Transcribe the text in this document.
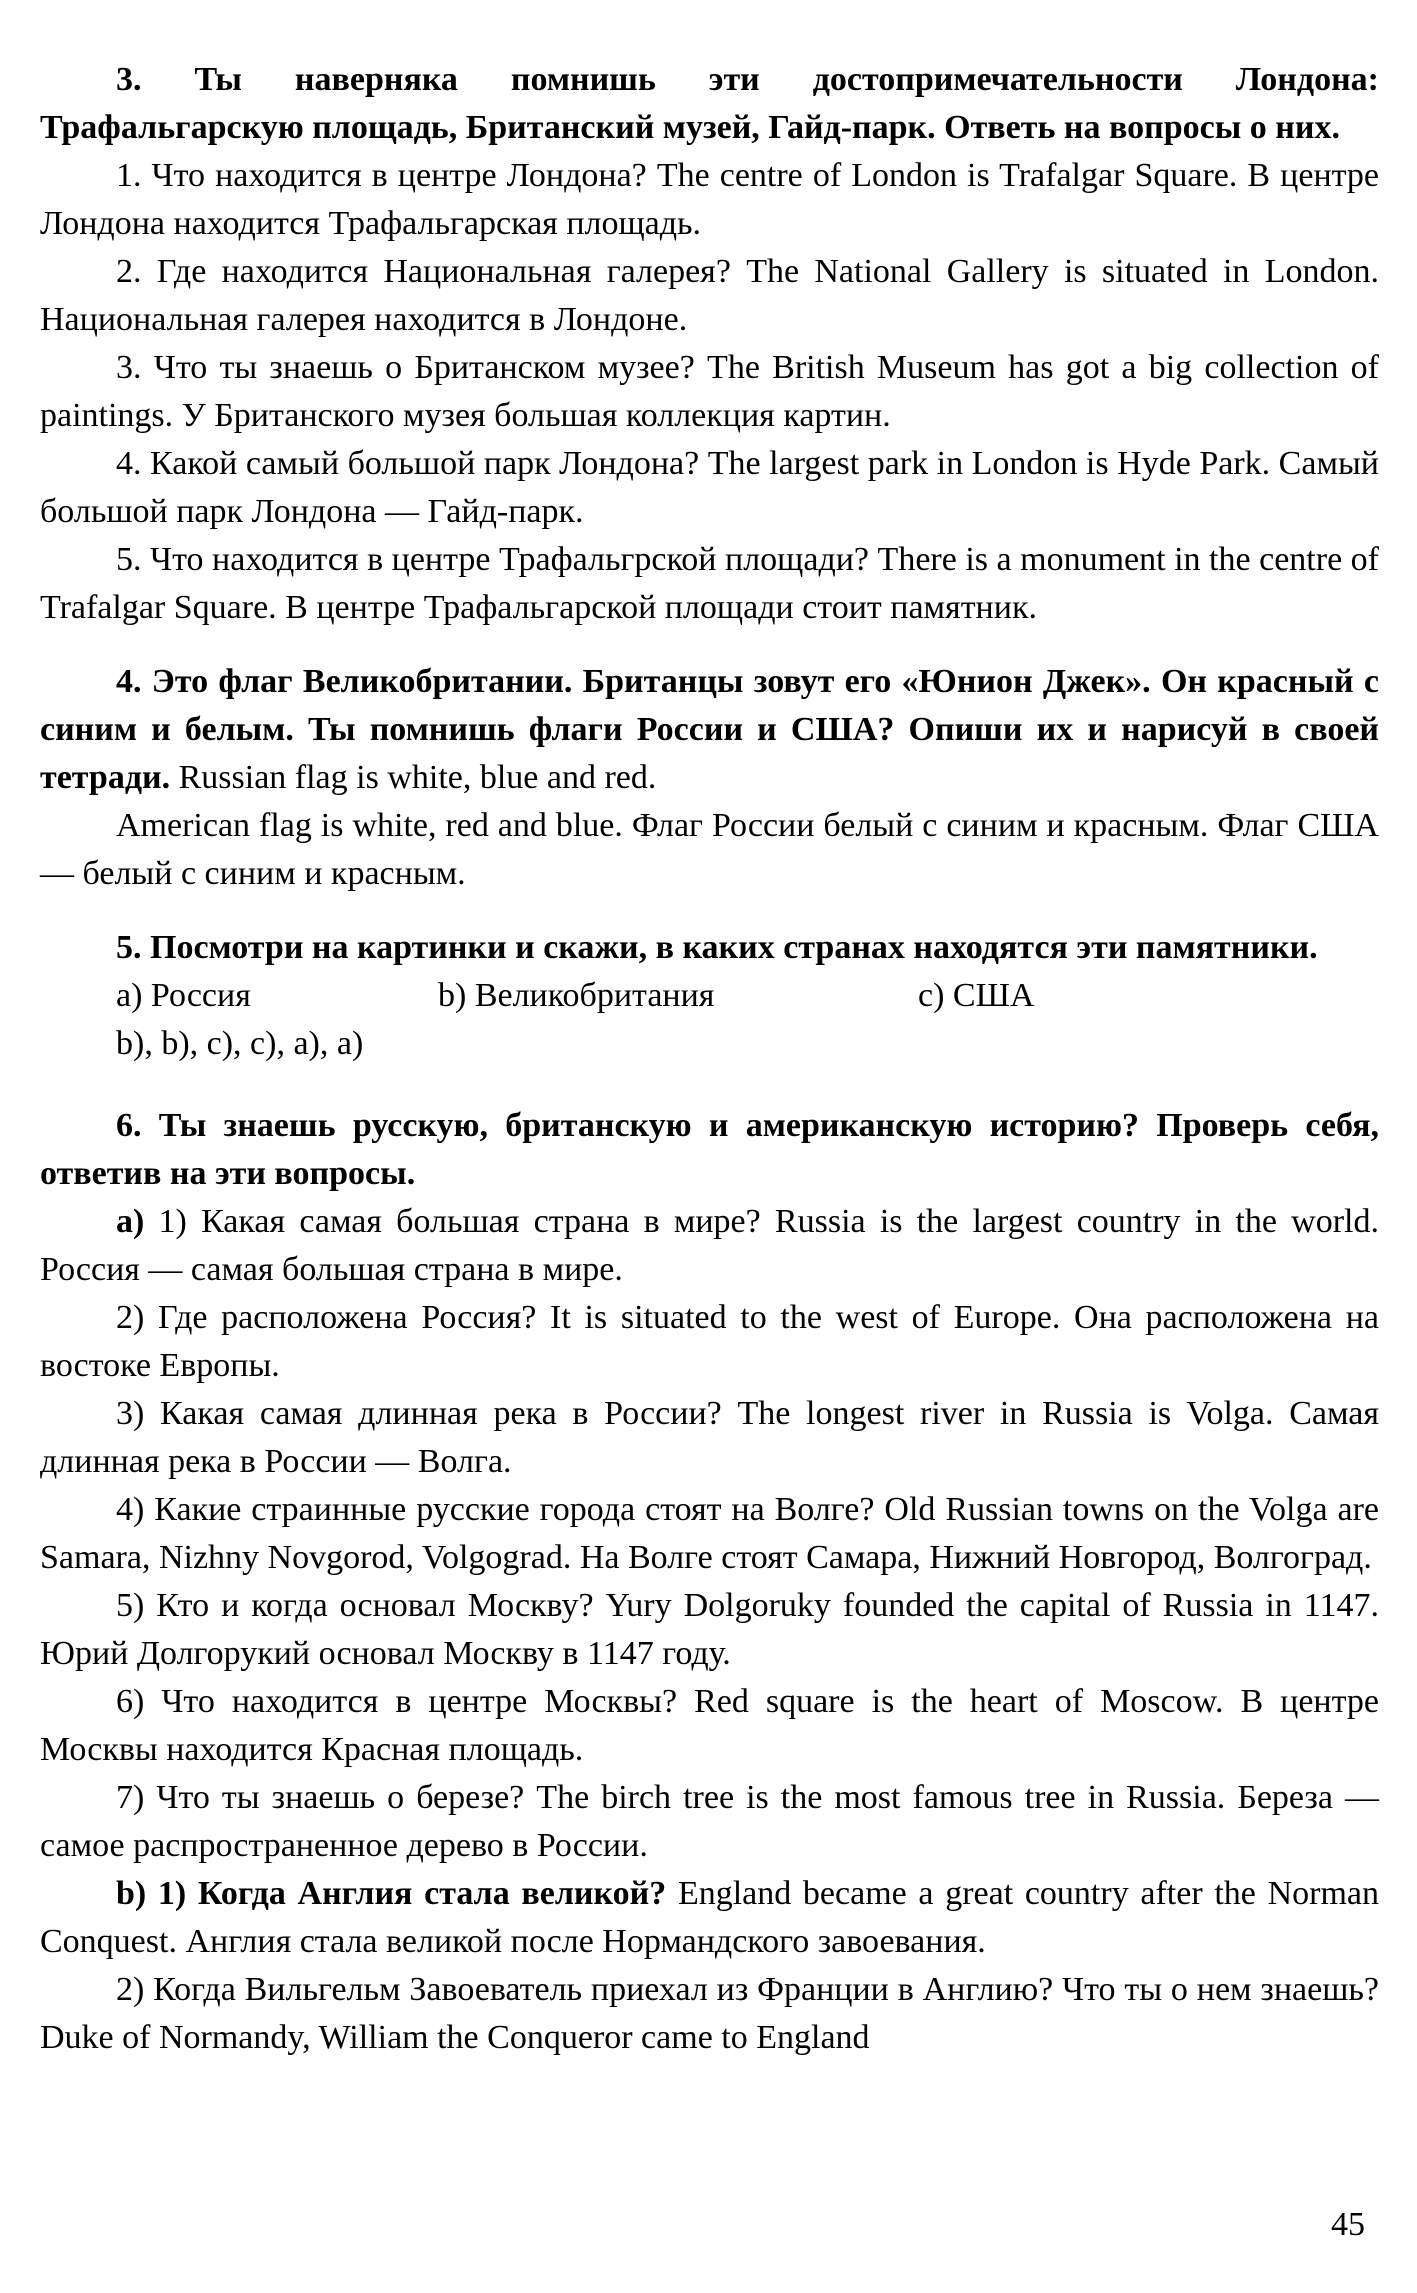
3. Ты наверняка помнишь эти достопримечательности Лондона: Трафальгарскую площадь, Британский музей, Гайд-парк. Ответь на вопросы о них.

1. Что находится в центре Лондона? The centre of London is Trafalgar Square. В центре Лондона находится Трафальгарская площадь.

2. Где находится Национальная галерея? The National Gallery is situated in London. Национальная галерея находится в Лондоне.

3. Что ты знаешь о Британском музее? The British Museum has got a big collection of paintings. У Британского музея большая коллекция картин.

4. Какой самый большой парк Лондона? The largest park in London is Hyde Park. Самый большой парк Лондона — Гайд-парк.

5. Что находится в центре Трафальгрской площади? There is a monument in the centre of Trafalgar Square. В центре Трафальгарской площади стоит памятник.

4. Это флаг Великобритании. Британцы зовут его «Юнион Джек». Он красный с синим и белым. Ты помнишь флаги России и США? Опиши их и нарисуй в своей тетради. Russian flag is white, blue and red.

American flag is white, red and blue. Флаг России белый с синим и красным. Флаг США — белый с синим и красным.

5. Посмотри на картинки и скажи, в каких странах находятся эти памятники.

а) Россия	b) Великобритания	c) США

b), b), c), c), a), a)

6. Ты знаешь русскую, британскую и американскую историю? Проверь себя, ответив на эти вопросы.

а) 1) Какая самая большая страна в мире? Russia is the largest country in the world. Россия — самая большая страна в мире.

2) Где расположена Россия? It is situated to the west of Europe. Она расположена на востоке Европы.

3) Какая самая длинная река в России? The longest river in Russia is Volga. Самая длинная река в России — Волга.

4) Какие страинные русские города стоят на Волге? Old Russian towns on the Volga are Samara, Nizhny Novgorod, Volgograd. На Волге стоят Самара, Нижний Новгород, Волгоград.

5) Кто и когда основал Москву? Yury Dolgoruky founded the capital of Russia in 1147. Юрий Долгорукий основал Москву в 1147 году.

6) Что находится в центре Москвы? Red square is the heart of Moscow. В центре Москвы находится Красная площадь.

7) Что ты знаешь о березе? The birch tree is the most famous tree in Russia. Береза — самое распространенное дерево в России.

b) 1) Когда Англия стала великой? England became a great country after the Norman Conquest. Англия стала великой после Нормандского завоевания.

2) Когда Вильгельм Завоеватель приехал из Франции в Англию? Что ты о нем знаешь? Duke of Normandy, William the Conqueror came to England

45
